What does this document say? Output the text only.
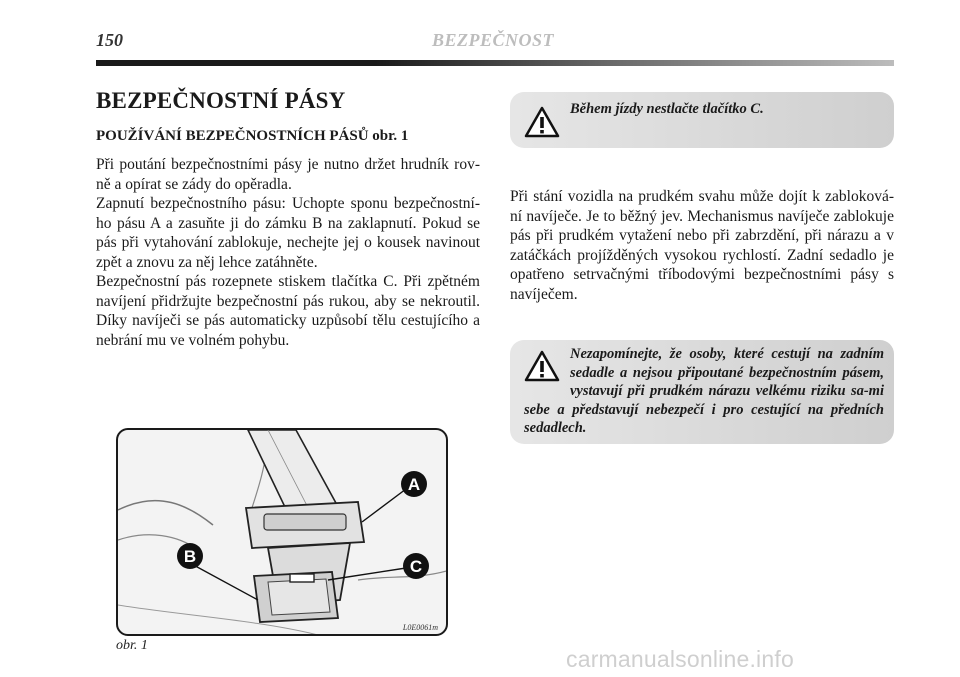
150	BEZPEČNOST
BEZPEČNOSTNÍ PÁSY
POUŽÍVÁNÍ BEZPEČNOSTNÍCH PÁSŮ obr. 1

Při poutání bezpečnostními pásy je nutno držet hrudník rov-ně a opírat se zády do opěradla.

Zapnutí bezpečnostního pásu: Uchopte sponu bezpečnostní-ho pásu A a zasuňte ji do zámku B na zaklapnutí. Pokud se pás při vytahování zablokuje, nechejte jej o kousek navinout zpět a znovu za něj lehce zatáhněte.

Bezpečnostní pás rozepnete stiskem tlačítka C. Při zpětném navíjení přidržujte bezpečnostní pás rukou, aby se nekroutil. Díky navíječi se pás automaticky uzpůsobí tělu cestujícího a nebrání mu ve volném pohybu.

Během jízdy nestlačte tlačítko C.

Při stání vozidla na prudkém svahu může dojít k zabloková-ní navíječe. Je to běžný jev. Mechanismus navíječe zablokuje pás při prudkém vytažení nebo při zabrzdění, při nárazu a v zatáčkách projížděných vysokou rychlostí. Zadní sedadlo je opatřeno setrvačnými tříbodovými bezpečnostními pásy s navíječem.

Nezapomínejte, že osoby, které cestují na zadním sedadle a nejsou připoutané bezpečnostním pásem, vystavují při prudkém nárazu velkému riziku sa-mi sebe a představují nebezpečí i pro cestující na předních sedadlech.
A
B
C
L0E0061m
obr. 1
carmanualsonline.info
